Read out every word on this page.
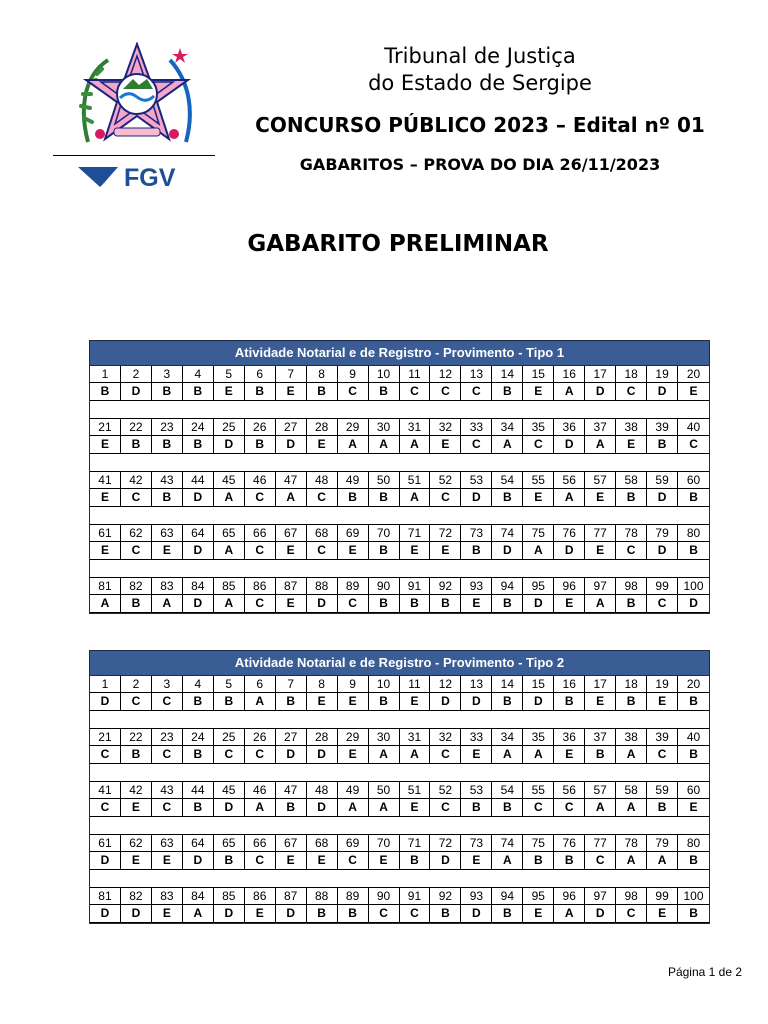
FGV
Tribunal de Justiça
do Estado de Sergipe
CONCURSO PÚBLICO 2023 – Edital nº 01
GABARITOS – PROVA DO DIA 26/11/2023
GABARITO PRELIMINAR
Atividade Notarial e de Registro - Provimento - Tipo 1
1	2	3	4	5	6	7	8	9	10	11	12	13	14	15	16	17	18	19	20
B	D	B	B	E	B	E	B	C	B	C	C	C	B	E	A	D	C	D	E
21	22	23	24	25	26	27	28	29	30	31	32	33	34	35	36	37	38	39	40
E	B	B	B	D	B	D	E	A	A	A	E	C	A	C	D	A	E	B	C
41	42	43	44	45	46	47	48	49	50	51	52	53	54	55	56	57	58	59	60
E	C	B	D	A	C	A	C	B	B	A	C	D	B	E	A	E	B	D	B
61	62	63	64	65	66	67	68	69	70	71	72	73	74	75	76	77	78	79	80
E	C	E	D	A	C	E	C	E	B	E	E	B	D	A	D	E	C	D	B
81	82	83	84	85	86	87	88	89	90	91	92	93	94	95	96	97	98	99	100
A	B	A	D	A	C	E	D	C	B	B	B	E	B	D	E	A	B	C	D
Atividade Notarial e de Registro - Provimento - Tipo 2
1	2	3	4	5	6	7	8	9	10	11	12	13	14	15	16	17	18	19	20
D	C	C	B	B	A	B	E	E	B	E	D	D	B	D	B	E	B	E	B
21	22	23	24	25	26	27	28	29	30	31	32	33	34	35	36	37	38	39	40
C	B	C	B	C	C	D	D	E	A	A	C	E	A	A	E	B	A	C	B
41	42	43	44	45	46	47	48	49	50	51	52	53	54	55	56	57	58	59	60
C	E	C	B	D	A	B	D	A	A	E	C	B	B	C	C	A	A	B	E
61	62	63	64	65	66	67	68	69	70	71	72	73	74	75	76	77	78	79	80
D	E	E	D	B	C	E	E	C	E	B	D	E	A	B	B	C	A	A	B
81	82	83	84	85	86	87	88	89	90	91	92	93	94	95	96	97	98	99	100
D	D	E	A	D	E	D	B	B	C	C	B	D	B	E	A	D	C	E	B
Página 1 de 2
